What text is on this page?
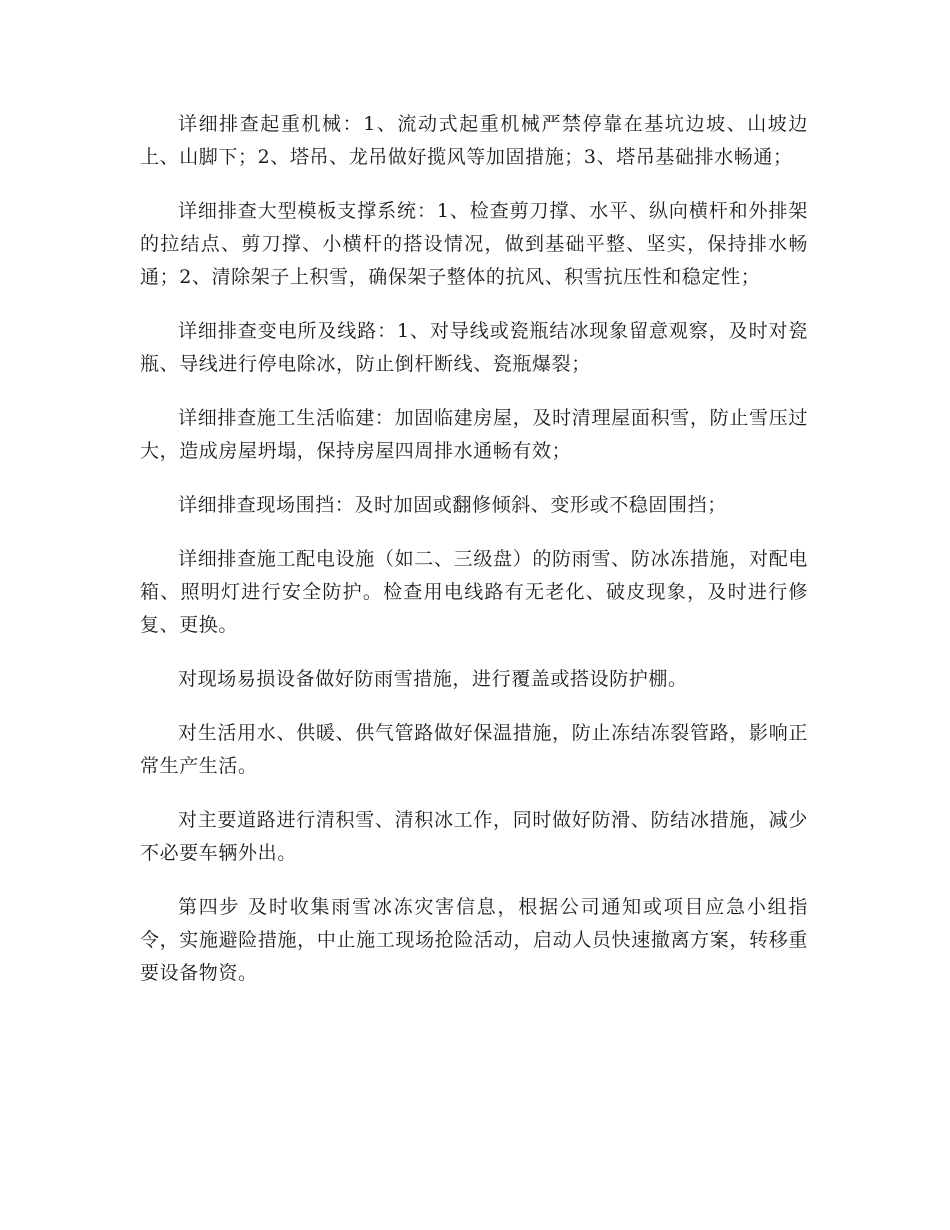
详细排查起重机械：1、流动式起重机械严禁停靠在基坑边坡、山坡边上、山脚下；2、塔吊、龙吊做好揽风等加固措施；3、塔吊基础排水畅通；

详细排查大型模板支撑系统：1、检查剪刀撑、水平、纵向横杆和外排架的拉结点、剪刀撑、小横杆的搭设情况，做到基础平整、坚实，保持排水畅通；2、清除架子上积雪，确保架子整体的抗风、积雪抗压性和稳定性；

详细排查变电所及线路：1、对导线或瓷瓶结冰现象留意观察，及时对瓷瓶、导线进行停电除冰，防止倒杆断线、瓷瓶爆裂；

详细排查施工生活临建：加固临建房屋，及时清理屋面积雪，防止雪压过大，造成房屋坍塌，保持房屋四周排水通畅有效；

详细排查现场围挡：及时加固或翻修倾斜、变形或不稳固围挡；

详细排查施工配电设施（如二、三级盘）的防雨雪、防冰冻措施，对配电箱、照明灯进行安全防护。检查用电线路有无老化、破皮现象，及时进行修复、更换。

对现场易损设备做好防雨雪措施，进行覆盖或搭设防护棚。

对生活用水、供暖、供气管路做好保温措施，防止冻结冻裂管路，影响正常生产生活。

对主要道路进行清积雪、清积冰工作，同时做好防滑、防结冰措施，减少不必要车辆外出。

第四步 及时收集雨雪冰冻灾害信息，根据公司通知或项目应急小组指令，实施避险措施，中止施工现场抢险活动，启动人员快速撤离方案，转移重要设备物资。
